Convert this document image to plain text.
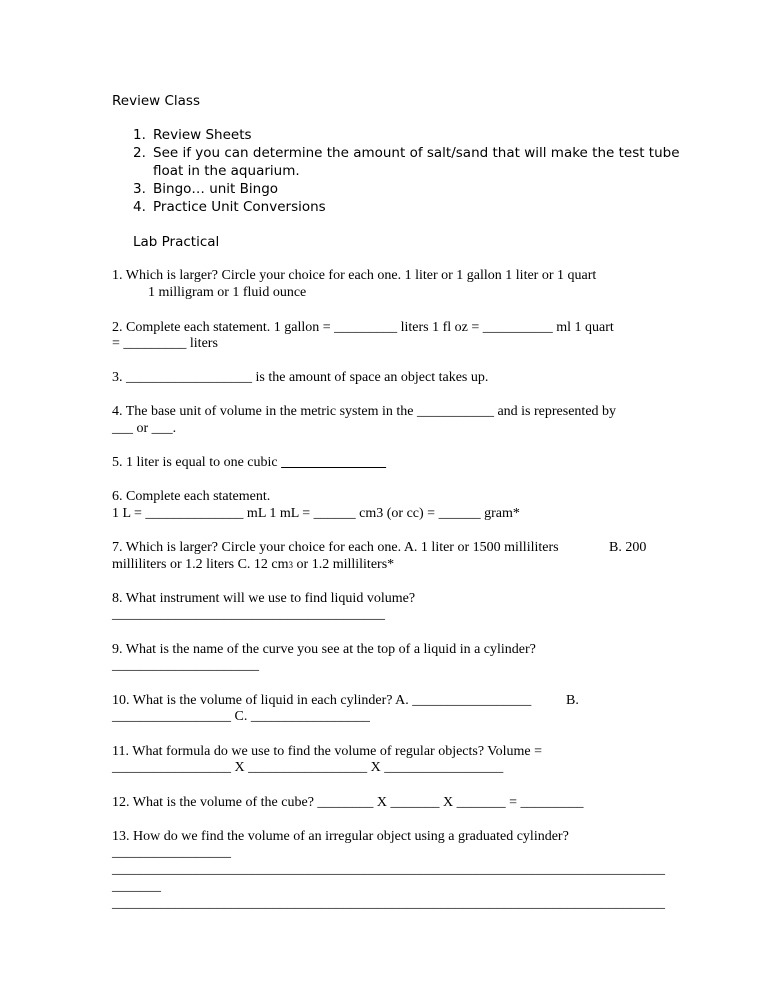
Review Class
1. Review Sheets
2. See if you can determine the amount of salt/sand that will make the test tube
float in the aquarium.
3. Bingo… unit Bingo
4. Practice Unit Conversions
Lab Practical
1. Which is larger? Circle your choice for each one. 1 liter or 1 gallon 1 liter or 1 quart
1 milligram or 1 fluid ounce
2. Complete each statement. 1 gallon = _________ liters 1 fl oz = __________ ml 1 quart
= _________ liters
3. __________________ is the amount of space an object takes up.
4. The base unit of volume in the metric system in the ___________ and is represented by
___ or ___.
5. 1 liter is equal to one cubic
6. Complete each statement.
1 L = ______________ mL 1 mL = ______ cm3 (or cc) = ______ gram*
7. Which is larger? Circle your choice for each one. A. 1 liter or 1500 milliliters	B. 200
milliliters or 1.2 liters C. 12 cm3 or 1.2 milliliters*
8. What instrument will we use to find liquid volume?
_______________________________________
9. What is the name of the curve you see at the top of a liquid in a cylinder?
_____________________
10. What is the volume of liquid in each cylinder? A. _________________ B.
_________________ C. _________________
11. What formula do we use to find the volume of regular objects? Volume =
_________________ X _________________ X _________________
12. What is the volume of the cube? ________ X _______ X _______ = _________
13. How do we find the volume of an irregular object using a graduated cylinder?
_________________
_______________________________________________________________________________
_______
_______________________________________________________________________________
